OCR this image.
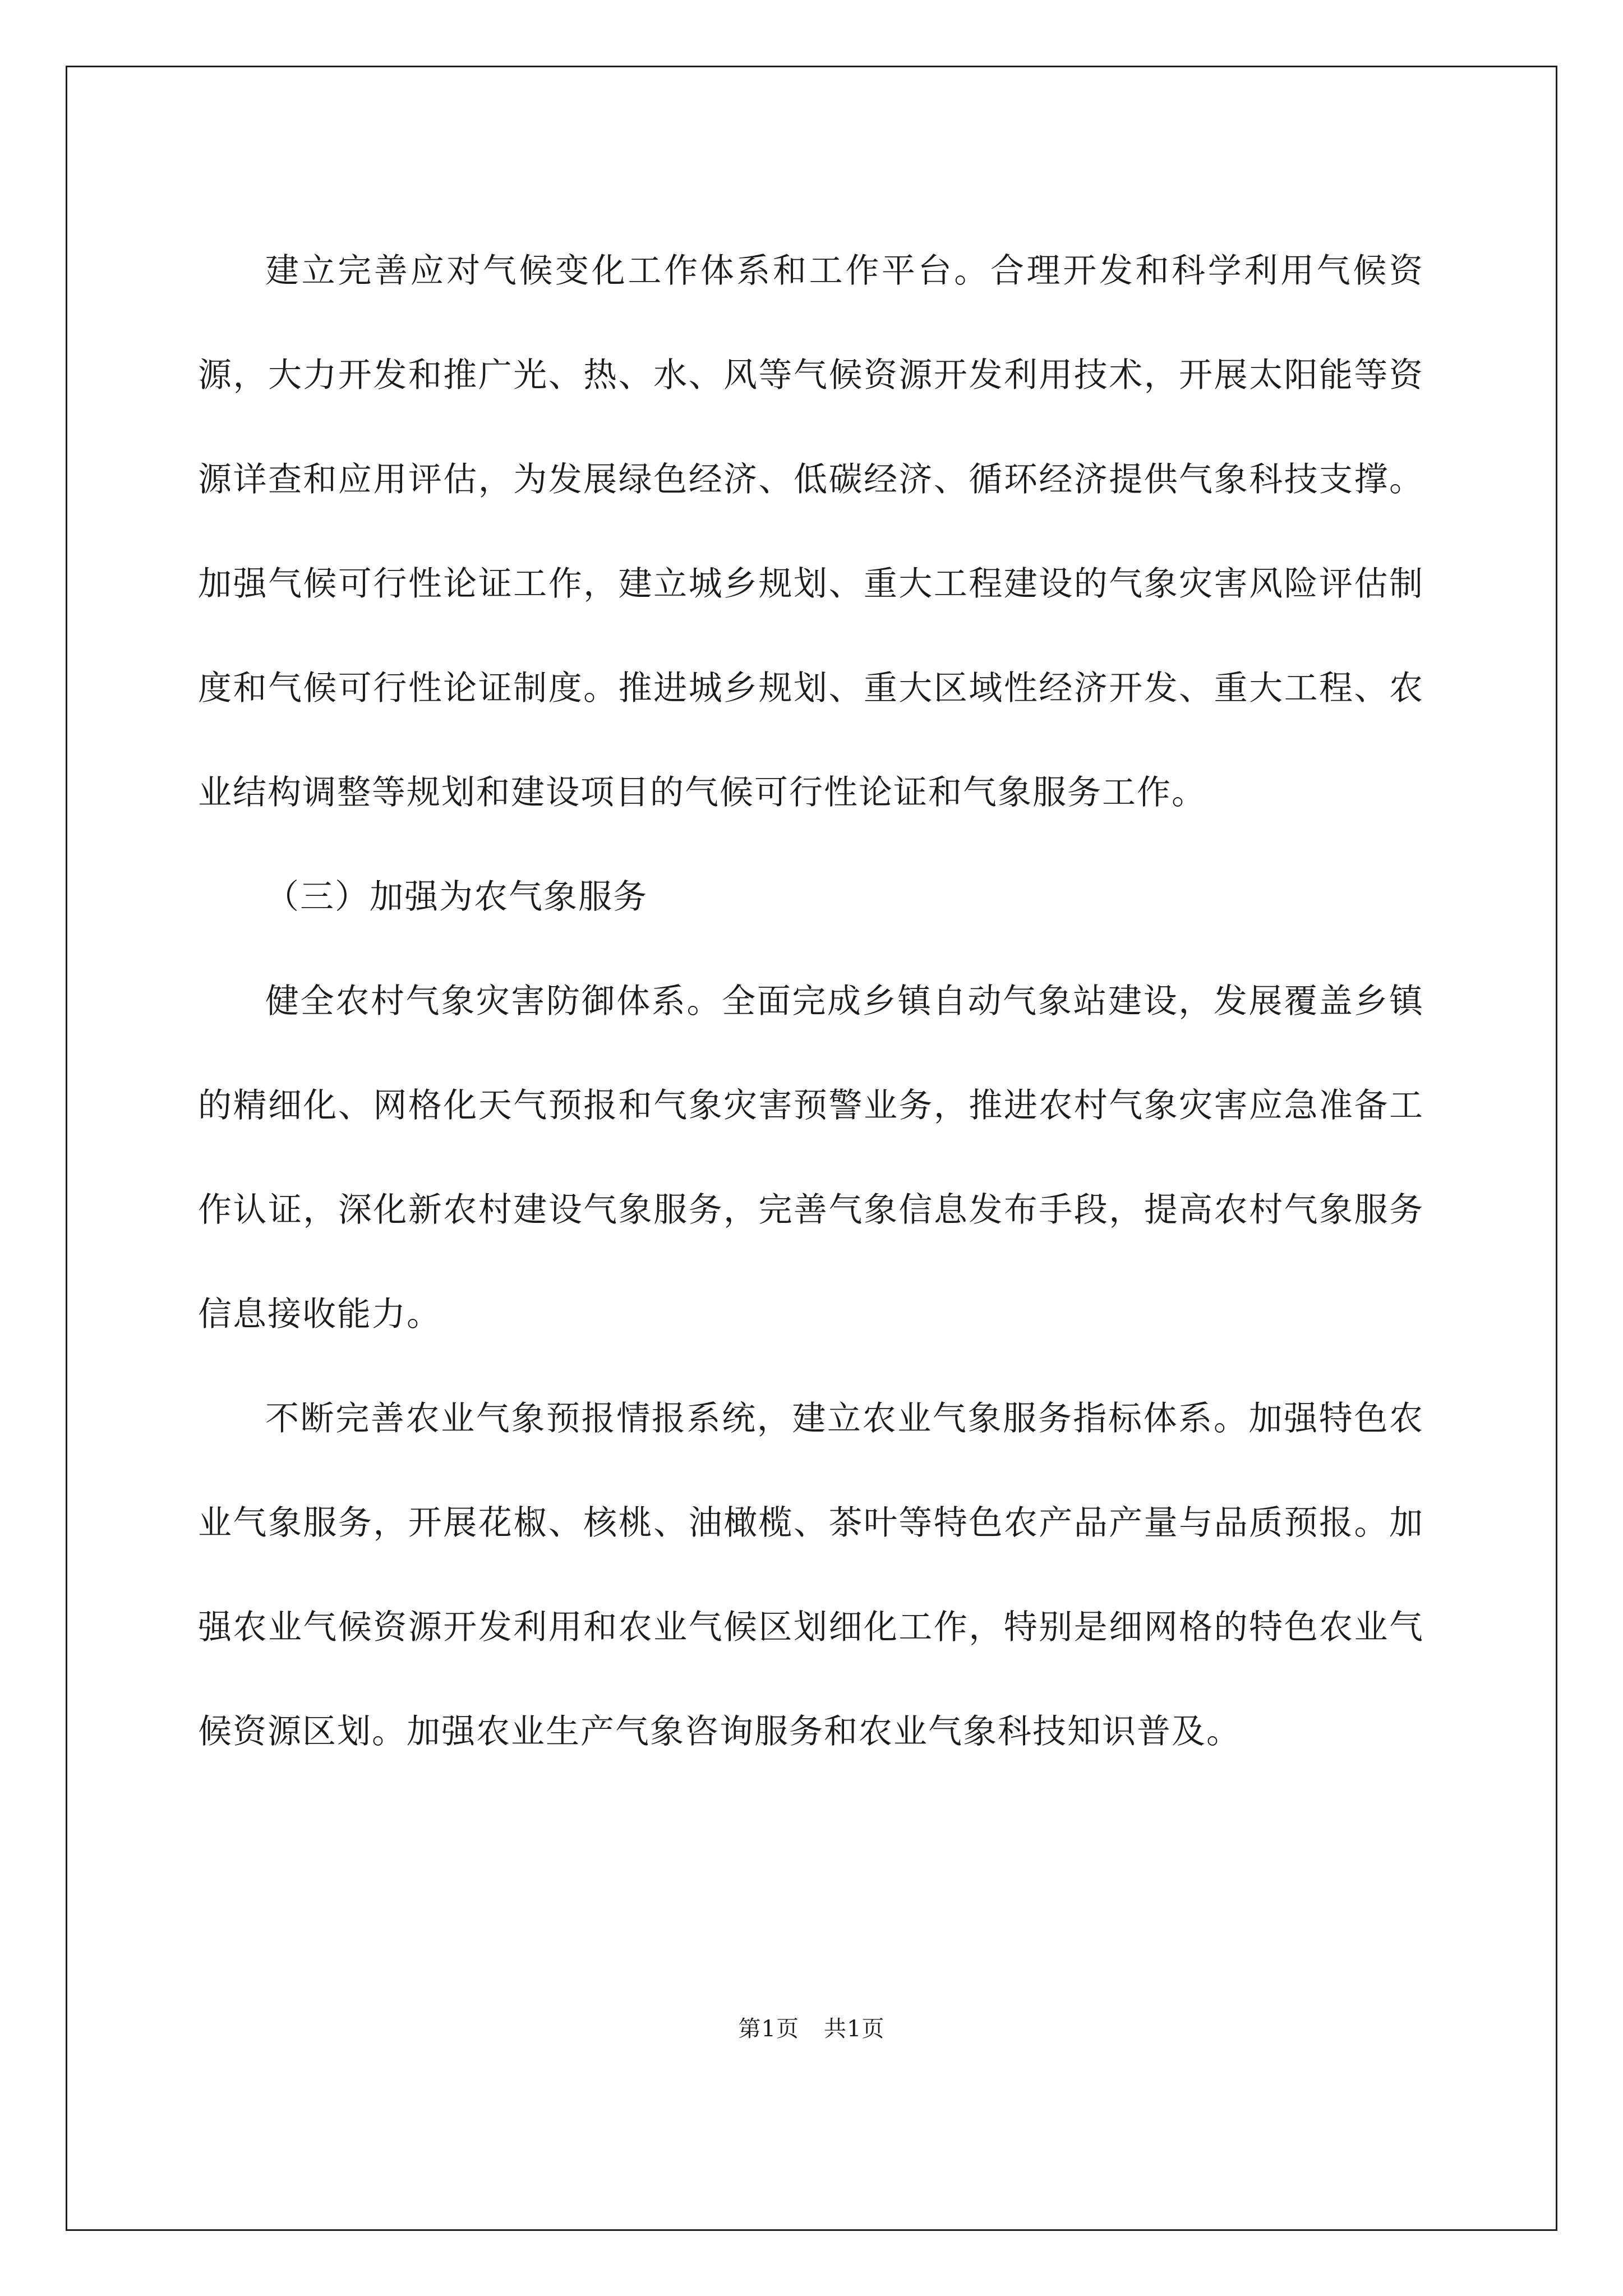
建立完善应对气候变化工作体系和工作平台。合理开发和科学利用气候资源，大力开发和推广光、热、水、风等气候资源开发利用技术，开展太阳能等资源详查和应用评估，为发展绿色经济、低碳经济、循环经济提供气象科技支撑。加强气候可行性论证工作，建立城乡规划、重大工程建设的气象灾害风险评估制度和气候可行性论证制度。推进城乡规划、重大区域性经济开发、重大工程、农业结构调整等规划和建设项目的气候可行性论证和气象服务工作。

（三）加强为农气象服务

健全农村气象灾害防御体系。全面完成乡镇自动气象站建设，发展覆盖乡镇的精细化、网格化天气预报和气象灾害预警业务，推进农村气象灾害应急准备工作认证，深化新农村建设气象服务，完善气象信息发布手段，提高农村气象服务信息接收能力。

不断完善农业气象预报情报系统，建立农业气象服务指标体系。加强特色农业气象服务，开展花椒、核桃、油橄榄、茶叶等特色农产品产量与品质预报。加强农业气候资源开发利用和农业气候区划细化工作，特别是细网格的特色农业气候资源区划。加强农业生产气象咨询服务和农业气象科技知识普及。

第1页 共1页
